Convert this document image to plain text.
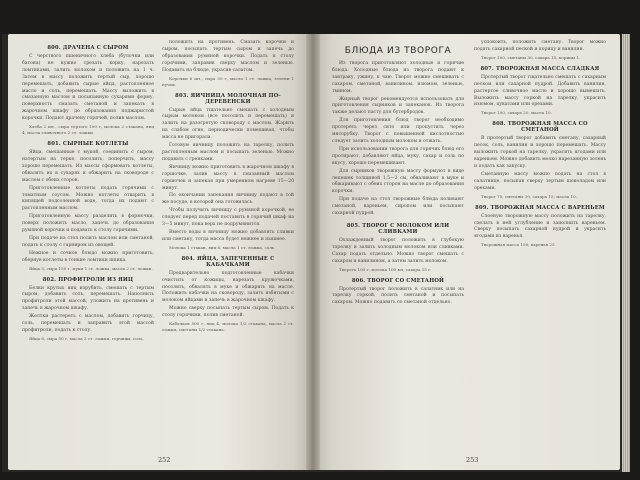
800. ДРАЧЕНА С СЫРОМ
С черствого пшеничного хлеба (булочки или батона) не нужно срезать корку, нарезать ломтиками, залить молоком и положить на 1 ч. Затем в массу положить тертый сыр, хорошо перемешать, добавить сырые яйца, растопленное масло и соль, перемешать. Массу выложить в смазанную маслом и посыпанную сухарями форму, поверхность смазать сметаной и запекать в жарочном шкафу до образования поджаристой корочки. Подают драчену горячей, полив маслом.
Хлеба 2 шт., сыра тертого 100 г, молока 2 стакана, яиц 4, масла сливочного 2 ст. ложки.
801. СЫРНЫЕ КОТЛЕТЫ
Яйца, смешанные с мукой, соединить с сыром, натертым на терке, посолить, поперчить, массу хорошо перемешать. Из массы сформовать котлеты, обвалять их в сухарях и обжарить на сковороде с маслом с обеих сторон.
Приготовленные котлеты подать горячими с томатным соусом. Можно котлеты отварить в кипящей подсоленной воде, тогда их подают с растопленным маслом.
Приготовленную массу разделить в формочки, поверх положить масло, запечь до образования румяной корочки и подавать к столу горячими.
При подаче на стол полить маслом или сметаной, подать к столу с гарниром из овощей.
Нежное и сочное блюдо можно приготовить, обернув котлеты в тонкие ломтики шпика.
Яйца 5, сыра 150 г, муки 1 ст. ложка, масла 2 ст. ложки.
802. ПРОФИТРОЛИ ИЗ ЯИЦ
Белки крутых яиц изрубить, смешать с тертым сыром, добавить соль, перемешать. Наполнить профитроли этой массой, уложить на противень и запечь в жарочном шкафу.
Желтки растереть с маслом, добавить горчицу, соль, перемешать и заправить этой массой профитроли, подать к столу.
Яйца 6, сыра 50 г, масла 2 ст. ложки, горчицы, соль.
положить на противень. Смазать корочки и сыром, посыпать тертым сыром и запечь до образования румяной корочки. Подать к столу горячими, заправив сверху маслом и зеленью. Подавать на блюде, украсив салатом.
Корочки 6 шт., сыра 50 г, масла 1 ст. ложка, зелени 1 пучок.
803. ЯИЧНИЦА МОЛОЧНАЯ ПО-ДЕРЕВЕНСКИ
Сырые яйца тщательно смешать с холодным сырым молоком (все посолить и перемешать) и залить на разогретую сковороду с маслом. Жарить на слабом огне, периодически помешивая, чтобы масса не пригорала.
Готовую яичницу положить на тарелку, полить растопленным маслом и посыпать зеленью. Можно подавать с гренками.
Яичницу можно приготовить в жарочном шкафу в горшочке, залив массу в смазанный маслом горшочек и запекая при умеренном нагреве 15—20 минут.
По окончании запекания яичницу подают в той же посуде, в которой она готовилась.
Чтобы получить яичницу с румяной корочкой, ее следует перед подачей поставить в горячий шкаф на 3—5 минут, пока верх не подрумянится.
Вместо воды в яичницу можно добавлять сливки или сметану, тогда масса будет нежнее и пышнее.
Молока 1 стакан, яиц 6, масла 1 ст. ложка, соль.
804. ЯЙЦА, ЗАПЕЧЕННЫЕ С КАБАЧКАМИ
Предварительно подготовленные кабачки очистить от кожицы, нарезать кружочками, посолить, обвалять в муке и обжарить на масле. Положить кабачки на сковороду, залить взбитыми с молоком яйцами и запечь в жарочном шкафу.
Можно сверху посыпать тертым сыром. Подать к столу горячими, полив сметаной.
Кабачков 500 г, яиц 4, молока 1/2 стакана, масла 2 ст. ложки, сметаны 1/2 стакана.
252
БЛЮДА ИЗ ТВОРОГА
Из творога приготовляют холодные и горячие блюда. Холодные блюда из творога подают к завтраку, ужину, к чаю. Творог можно смешивать с сахаром, сметаной, ванилином, изюмом, зеленью, тмином.
Жирный творог рекомендуется использовать для приготовления сырников и запеканок. Из творога также делают пасту для бутербродов.
Для приготовления блюд творог необходимо протереть через сито или пропустить через мясорубку. Творог с повышенной кислотностью следует залить холодным молоком и отжать.
При использовании творога для горячих блюд его протирают, добавляют яйца, муку, сахар и соль по вкусу, хорошо перемешивают.
Для сырников творожную массу формуют в виде лепешек толщиной 1,5—2 см, обваливают в муке и обжаривают с обеих сторон на масле до образования корочки.
При подаче на стол творожные блюда поливают сметаной, вареньем, сиропом или посыпают сахарной пудрой.
805. ТВОРОГ С МОЛОКОМ ИЛИ СЛИВКАМИ
Охлажденный творог положить в глубокую тарелку и залить холодным молоком или сливками. Сахар подать отдельно. Можно творог смешать с сахаром и ванилином, а затем залить молоком.
Творога 100 г, молока 100 мл, сахара 15 г.
806. ТВОРОГ СО СМЕТАНОЙ
Протертый творог положить в салатник или на тарелку горкой, полить сметаной и посыпать сахаром. Можно подавать со сметаной отдельно.
успокоить, положить сметану. Творог можно подать сахарной пеской и корицу и ванилин.
Творог 100, сметаны 30, сахара 15, корицы 1.
807. ТВОРОЖНАЯ МАССА СЛАДКАЯ
Протертый творог тщательно смешать с сахарным песком или сахарной пудрой. Добавить ванилин, растертое сливочное масло и хорошо вымешать. Выложить массу горкой на тарелку, украсить изюмом, цукатами или орехами.
Творог 100, сахара 20, масла 10.
808. ТВОРОЖНАЯ МАССА СО СМЕТАНОЙ
В протертый творог добавить сметану, сахарный песок, соль, ванилин и хорошо перемешать. Массу выложить горкой на тарелку, украсить ягодами или вареньем. Можно добавить мелко нарезанную зелень и подать как закуску.
Сметанную массу можно подать на стол в салатнице, посыпав сверху тертым шоколадом или орехами.
Творог 75, сметаны 30, сахара 15, масла 10.
809. ТВОРОЖНАЯ МАССА С ВАРЕНЬЕМ
Слоеную творожную массу положить на тарелку, сделать в ней углубление и заполнить вареньем. Сверху посыпать сахарной пудрой и украсить ягодами из варенья.
Творожная масса 150, варенья 25.
253
